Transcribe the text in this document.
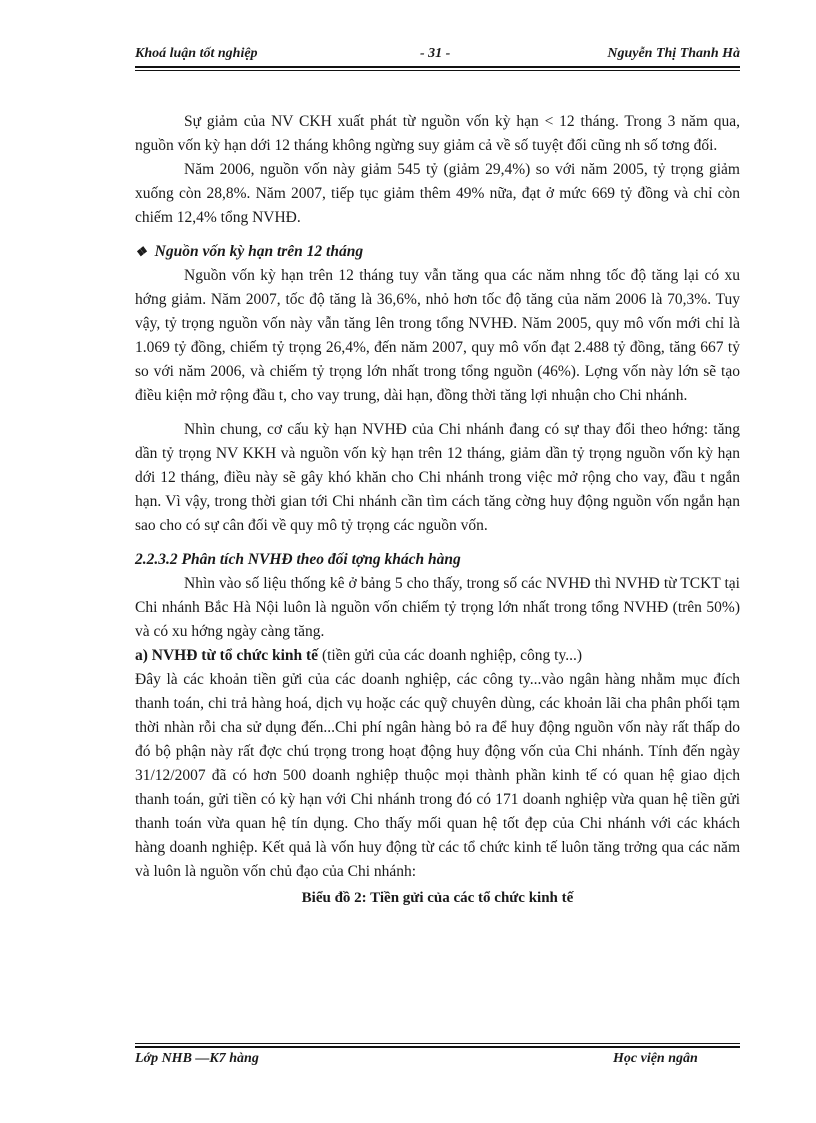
Khoá luận tốt nghiệp	- 31 -	Nguyễn Thị Thanh Hà

Sự giảm của NV CKH xuất phát từ nguồn vốn kỳ hạn < 12 tháng. Trong 3 năm qua, nguồn vốn kỳ hạn dới 12 tháng không ngừng suy giảm cả về số tuyệt đối cũng nh số tơng đối.

Năm 2006, nguồn vốn này giảm 545 tỷ (giảm 29,4%) so với năm 2005, tỷ trọng giảm xuống còn 28,8%. Năm 2007, tiếp tục giảm thêm 49% nữa, đạt ở mức 669 tỷ đồng và chỉ còn chiếm 12,4% tổng NVHĐ.

❖ Nguồn vốn kỳ hạn trên 12 tháng

Nguồn vốn kỳ hạn trên 12 tháng tuy vẫn tăng qua các năm nhng tốc độ tăng lại có xu hớng giảm. Năm 2007, tốc độ tăng là 36,6%, nhỏ hơn tốc độ tăng của năm 2006 là 70,3%. Tuy vậy, tỷ trọng nguồn vốn này vẫn tăng lên trong tổng NVHĐ. Năm 2005, quy mô vốn mới chỉ là 1.069 tỷ đồng, chiếm tỷ trọng 26,4%, đến năm 2007, quy mô vốn đạt 2.488 tỷ đồng, tăng 667 tỷ so với năm 2006, và chiếm tỷ trọng lớn nhất trong tổng nguồn (46%). Lợng vốn này lớn sẽ tạo điều kiện mở rộng đầu t, cho vay trung, dài hạn, đồng thời tăng lợi nhuận cho Chi nhánh.

Nhìn chung, cơ cấu kỳ hạn NVHĐ của Chi nhánh đang có sự thay đổi theo hớng: tăng dần tỷ trọng NV KKH và nguồn vốn kỳ hạn trên 12 tháng, giảm dần tỷ trọng nguồn vốn kỳ hạn dới 12 tháng, điều này sẽ gây khó khăn cho Chi nhánh trong việc mở rộng cho vay, đầu t ngắn hạn. Vì vậy, trong thời gian tới Chi nhánh cần tìm cách tăng cờng huy động nguồn vốn ngắn hạn sao cho có sự cân đối về quy mô tỷ trọng các nguồn vốn.

2.2.3.2 Phân tích NVHĐ theo đối tợng khách hàng

Nhìn vào số liệu thống kê ở bảng 5 cho thấy, trong số các NVHĐ thì NVHĐ từ TCKT tại Chi nhánh Bắc Hà Nội luôn là nguồn vốn chiếm tỷ trọng lớn nhất trong tổng NVHĐ (trên 50%) và có xu hớng ngày càng tăng.

a) NVHĐ từ tổ chức kinh tế (tiền gửi của các doanh nghiệp, công ty...)

Đây là các khoản tiền gửi của các doanh nghiệp, các công ty...vào ngân hàng nhằm mục đích thanh toán, chi trả hàng hoá, dịch vụ hoặc các quỹ chuyên dùng, các khoản lãi cha phân phối tạm thời nhàn rỗi cha sử dụng đến...Chi phí ngân hàng bỏ ra để huy động nguồn vốn này rất thấp do đó bộ phận này rất đợc chú trọng trong hoạt động huy động vốn của Chi nhánh. Tính đến ngày 31/12/2007 đã có hơn 500 doanh nghiệp thuộc mọi thành phần kinh tế có quan hệ giao dịch thanh toán, gửi tiền có kỳ hạn với Chi nhánh trong đó có 171 doanh nghiệp vừa quan hệ tiền gửi thanh toán vừa quan hệ tín dụng. Cho thấy mối quan hệ tốt đẹp của Chi nhánh với các khách hàng doanh nghiệp. Kết quả là vốn huy động từ các tổ chức kinh tế luôn tăng trởng qua các năm và luôn là nguồn vốn chủ đạo của Chi nhánh:

Biểu đồ 2: Tiền gửi của các tổ chức kinh tế

Lớp NHB —K7 hàng	Học viện ngân
